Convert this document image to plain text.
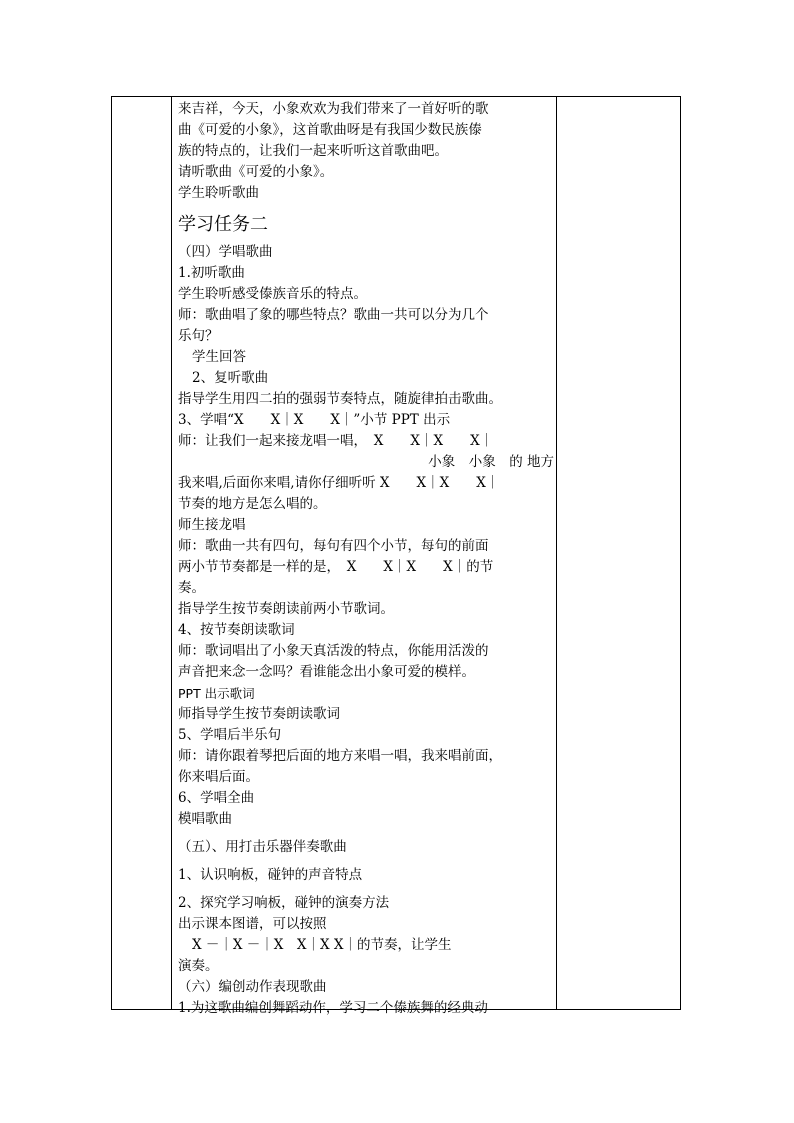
来吉祥，今天，小象欢欢为我们带来了一首好听的歌
曲《可爱的小象》，这首歌曲呀是有我国少数民族傣
族的特点的，让我们一起来听听这首歌曲吧。
请听歌曲《可爱的小象》。
学生聆听歌曲
学习任务二
（四）学唱歌曲
1.初听歌曲
学生聆听感受傣族音乐的特点。
师：歌曲唱了象的哪些特点？歌曲一共可以分为几个
乐句？
学生回答
2、复听歌曲
指导学生用四二拍的强弱节奏特点，随旋律拍击歌曲。
3、学唱“X　　X｜X　　X｜”小节 PPT 出示
师：让我们一起来接龙唱一唱，　X　　X｜X　　X｜
小象　小象　的 地方
我来唱,后面你来唱,请你仔细听听 X　　X｜X　　X｜
节奏的地方是怎么唱的。
师生接龙唱
师：歌曲一共有四句，每句有四个小节，每句的前面
两小节节奏都是一样的是，　X　　X｜X　　X｜的节
奏。
指导学生按节奏朗读前两小节歌词。
4、按节奏朗读歌词
师：歌词唱出了小象天真活泼的特点，你能用活泼的
声音把来念一念吗？看谁能念出小象可爱的模样。
PPT 出示歌词
师指导学生按节奏朗读歌词
5、学唱后半乐句
师：请你跟着琴把后面的地方来唱一唱，我来唱前面，
你来唱后面。
6、学唱全曲
模唱歌曲
（五）、用打击乐器伴奏歌曲
1、认识响板，碰钟的声音特点
2、探究学习响板，碰钟的演奏方法
出示课本图谱，可以按照
X －｜X －｜X　X｜X X｜的节奏，让学生
演奏。
（六）编创动作表现歌曲
1.为这歌曲编创舞蹈动作，学习二个傣族舞的经典动
